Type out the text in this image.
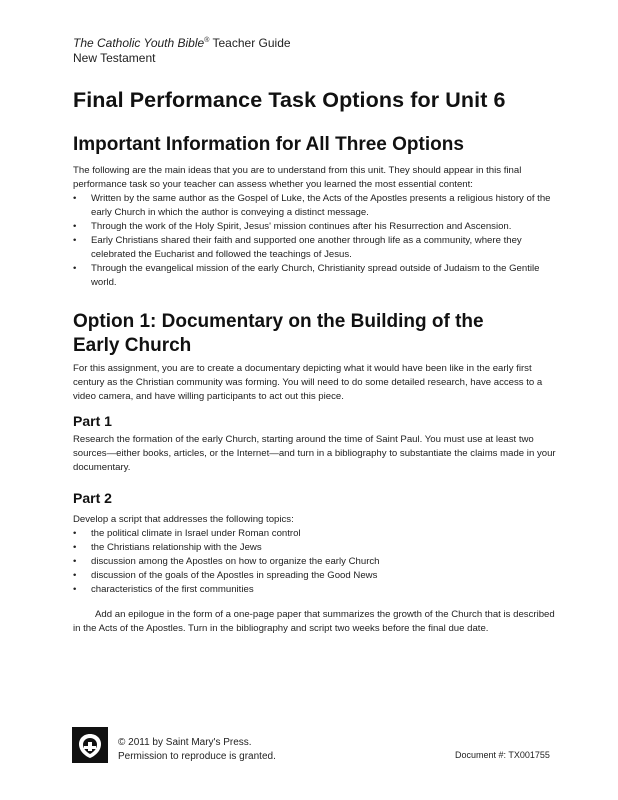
The Catholic Youth Bible® Teacher Guide
New Testament
Final Performance Task Options for Unit 6
Important Information for All Three Options

The following are the main ideas that you are to understand from this unit. They should appear in this final performance task so your teacher can assess whether you learned the most essential content:

• Written by the same author as the Gospel of Luke, the Acts of the Apostles presents a religious history of the early Church in which the author is conveying a distinct message.
• Through the work of the Holy Spirit, Jesus' mission continues after his Resurrection and Ascension.
• Early Christians shared their faith and supported one another through life as a community, where they celebrated the Eucharist and followed the teachings of Jesus.
• Through the evangelical mission of the early Church, Christianity spread outside of Judaism to the Gentile world.
Option 1: Documentary on the Building of the
Early Church

For this assignment, you are to create a documentary depicting what it would have been like in the early first century as the Christian community was forming. You will need to do some detailed research, have access to a video camera, and have willing participants to act out this piece.

Part 1

Research the formation of the early Church, starting around the time of Saint Paul. You must use at least two sources—either books, articles, or the Internet—and turn in a bibliography to substantiate the claims made in your documentary.

Part 2

Develop a script that addresses the following topics:

• the political climate in Israel under Roman control
• the Christians relationship with the Jews
• discussion among the Apostles on how to organize the early Church
• discussion of the goals of the Apostles in spreading the Good News
• characteristics of the first communities

Add an epilogue in the form of a one-page paper that summarizes the growth of the Church that is described in the Acts of the Apostles. Turn in the bibliography and script two weeks before the final due date.

© 2011 by Saint Mary's Press.
Permission to reproduce is granted.	Document #: TX001755
